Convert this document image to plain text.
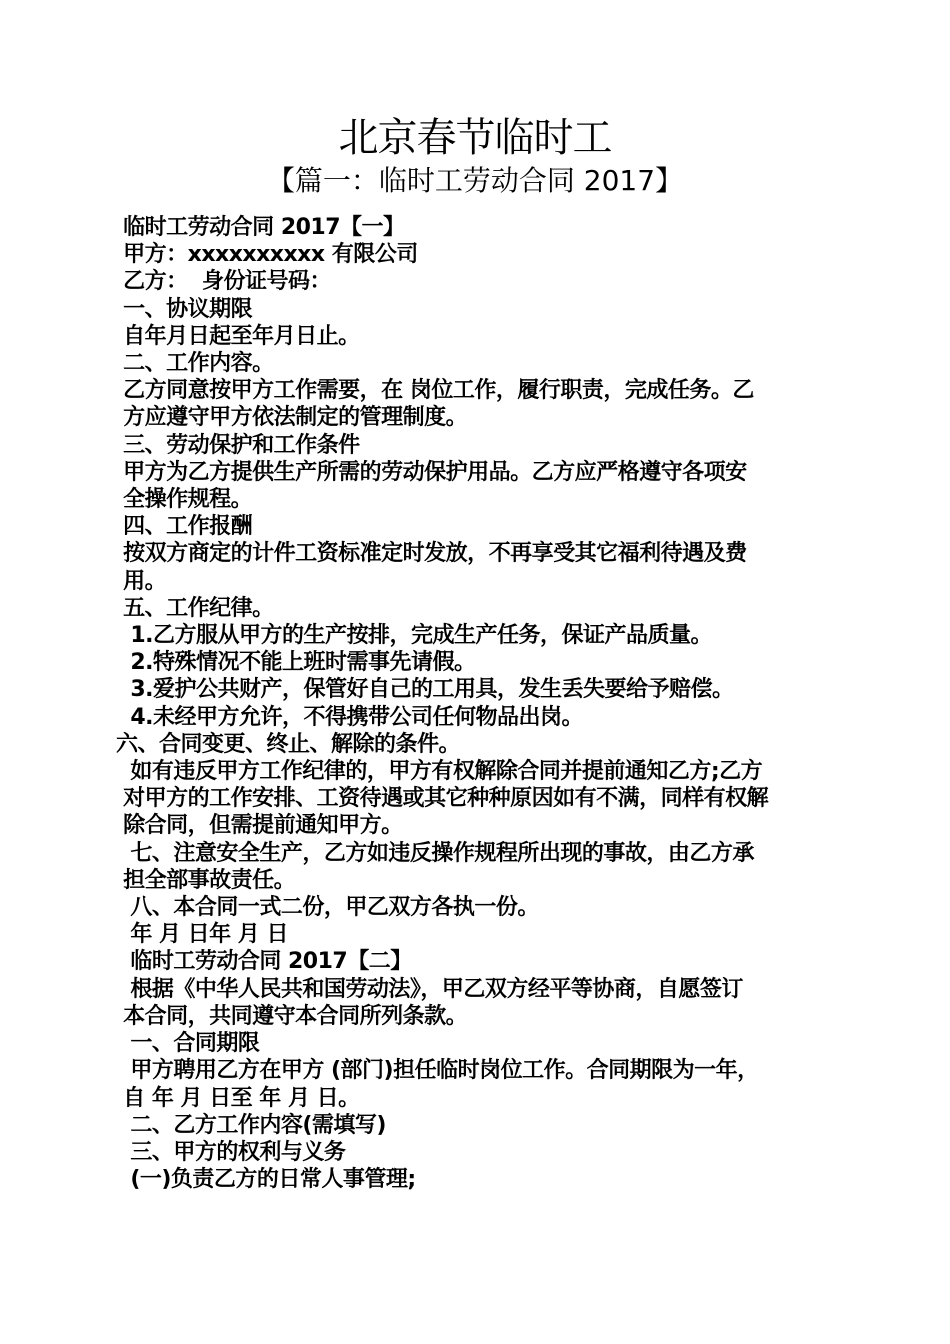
北京春节临时工
【篇一：临时工劳动合同 2017】
临时工劳动合同 2017【一】
甲方：xxxxxxxxxx 有限公司
乙方：  身份证号码：
一、协议期限
自年月日起至年月日止。
二、工作内容。
乙方同意按甲方工作需要，在 岗位工作，履行职责，完成任务。乙
方应遵守甲方依法制定的管理制度。
三、劳动保护和工作条件
甲方为乙方提供生产所需的劳动保护用品。乙方应严格遵守各项安
全操作规程。
四、工作报酬
按双方商定的计件工资标准定时发放，不再享受其它福利待遇及费
用。
五、工作纪律。
1.乙方服从甲方的生产按排，完成生产任务，保证产品质量。
2.特殊情况不能上班时需事先请假。
3.爱护公共财产，保管好自己的工用具，发生丢失要给予赔偿。
4.未经甲方允许，不得携带公司任何物品出岗。
六、合同变更、终止、解除的条件。
如有违反甲方工作纪律的，甲方有权解除合同并提前通知乙方;乙方
对甲方的工作安排、工资待遇或其它种种原因如有不满，同样有权解
除合同，但需提前通知甲方。
七、注意安全生产，乙方如违反操作规程所出现的事故，由乙方承
担全部事故责任。
八、本合同一式二份，甲乙双方各执一份。
年 月 日年 月 日
临时工劳动合同 2017【二】
根据《中华人民共和国劳动法》，甲乙双方经平等协商，自愿签订
本合同，共同遵守本合同所列条款。
一、合同期限
甲方聘用乙方在甲方 (部门)担任临时岗位工作。合同期限为一年，
自 年 月 日至 年 月 日。
二、乙方工作内容(需填写)
三、甲方的权利与义务
(一)负责乙方的日常人事管理;
